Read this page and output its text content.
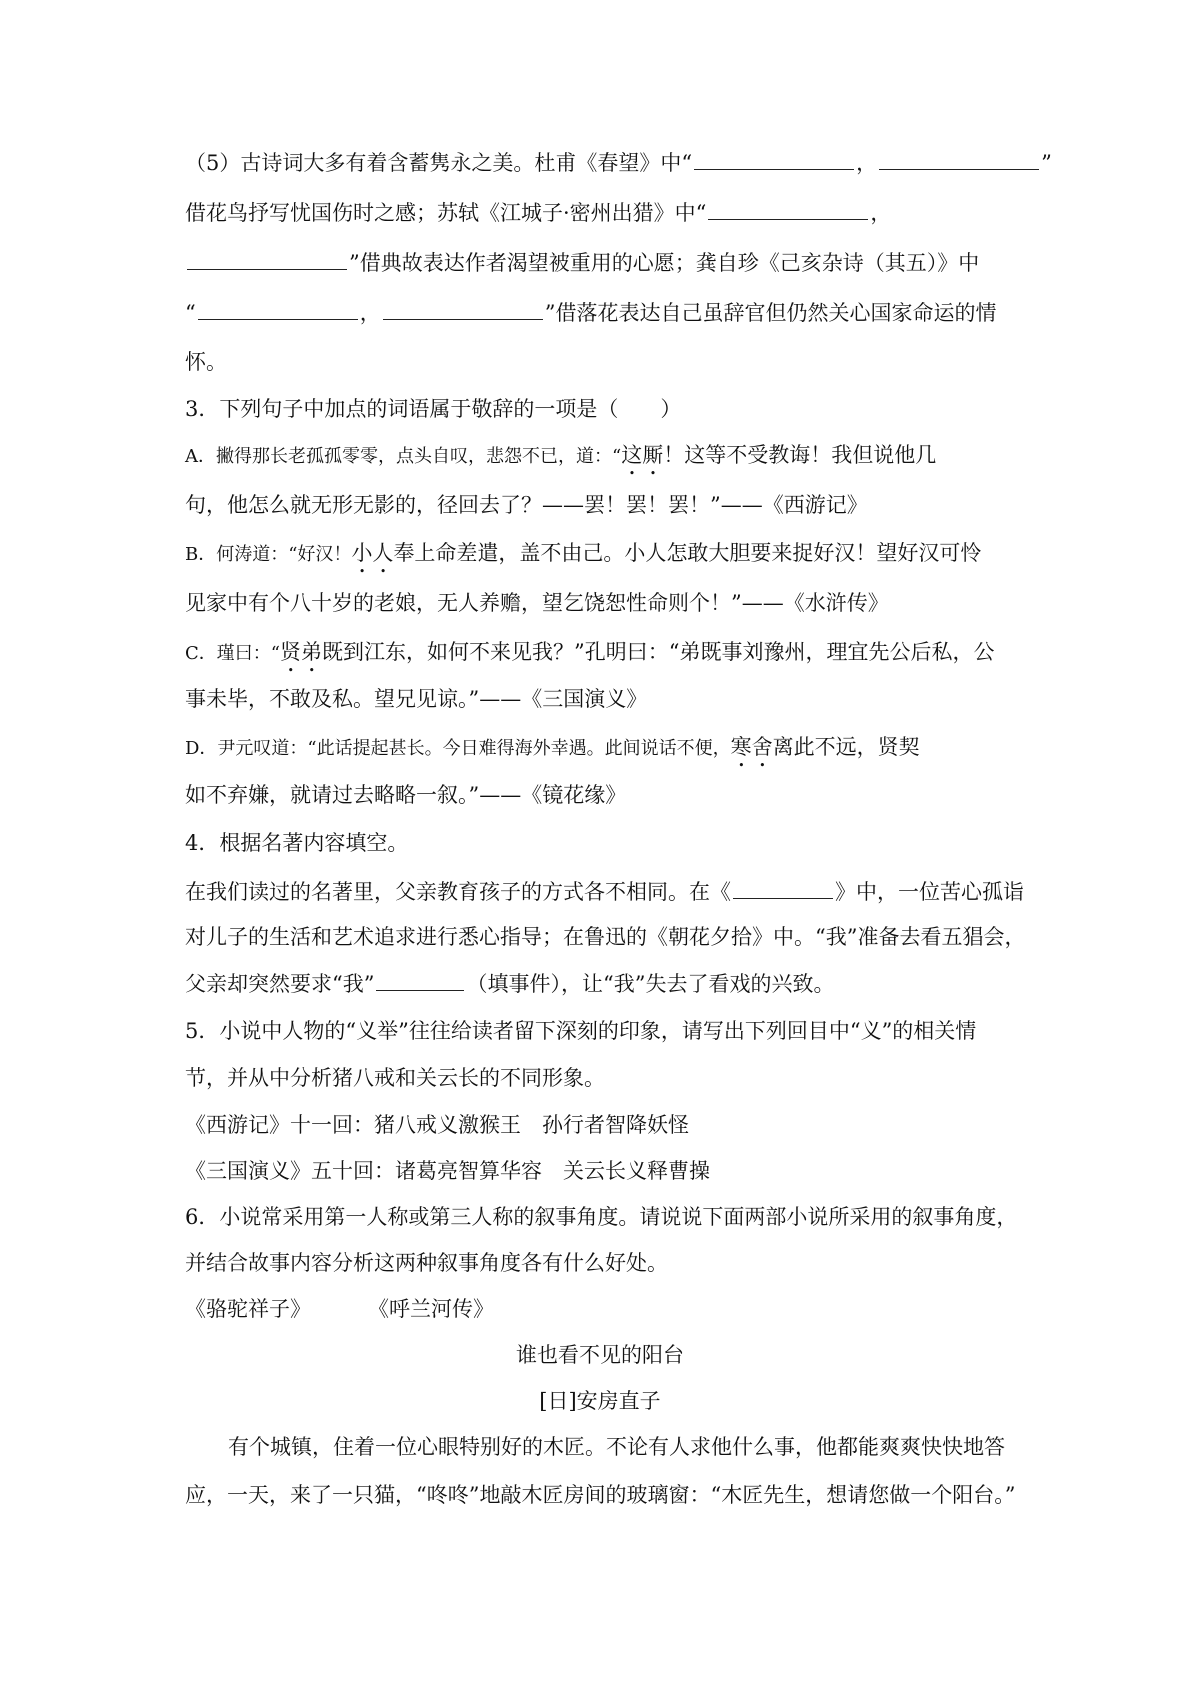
（5）古诗词大多有着含蓄隽永之美。杜甫《春望》中“	，	”
借花鸟抒写忧国伤时之感；苏轼《江城子·密州出猎》中“	，
”借典故表达作者渴望被重用的心愿；龚自珍《己亥杂诗（其五）》中
“	，	”借落花表达自己虽辞官但仍然关心国家命运的情
怀。
3．下列句子中加点的词语属于敬辞的一项是（　　）
A．撇得那长老孤孤零零，点头自叹，悲怨不已，道：“这厮！这等不受教诲！我但说他几
句，他怎么就无形无影的，径回去了？——罢！罢！罢！”——《西游记》
B．何涛道：“好汉！小人奉上命差遣，盖不由己。小人怎敢大胆要来捉好汉！望好汉可怜
见家中有个八十岁的老娘，无人养赡，望乞饶恕性命则个！”——《水浒传》
C．瑾曰：“贤弟既到江东，如何不来见我？”孔明曰：“弟既事刘豫州，理宜先公后私，公
事未毕，不敢及私。望兄见谅。”——《三国演义》
D．尹元叹道：“此话提起甚长。今日难得海外幸遇。此间说话不便，寒舍离此不远，贤契
如不弃嫌，就请过去略略一叙。”——《镜花缘》
4．根据名著内容填空。
在我们读过的名著里，父亲教育孩子的方式各不相同。在《	》中，一位苦心孤诣
对儿子的生活和艺术追求进行悉心指导；在鲁迅的《朝花夕拾》中。“我”准备去看五猖会，
父亲却突然要求“我”	（填事件），让“我”失去了看戏的兴致。
5．小说中人物的“义举”往往给读者留下深刻的印象，请写出下列回目中“义”的相关情
节，并从中分析猪八戒和关云长的不同形象。
《西游记》十一回：猪八戒义激猴王　孙行者智降妖怪
《三国演义》五十回：诸葛亮智算华容　关云长义释曹操
6．小说常采用第一人称或第三人称的叙事角度。请说说下面两部小说所采用的叙事角度，
并结合故事内容分析这两种叙事角度各有什么好处。
《骆驼祥子》	《呼兰河传》
谁也看不见的阳台
[日]安房直子
有个城镇，住着一位心眼特别好的木匠。不论有人求他什么事，他都能爽爽快快地答
应，一天，来了一只猫，“咚咚”地敲木匠房间的玻璃窗：“木匠先生，想请您做一个阳台。”
